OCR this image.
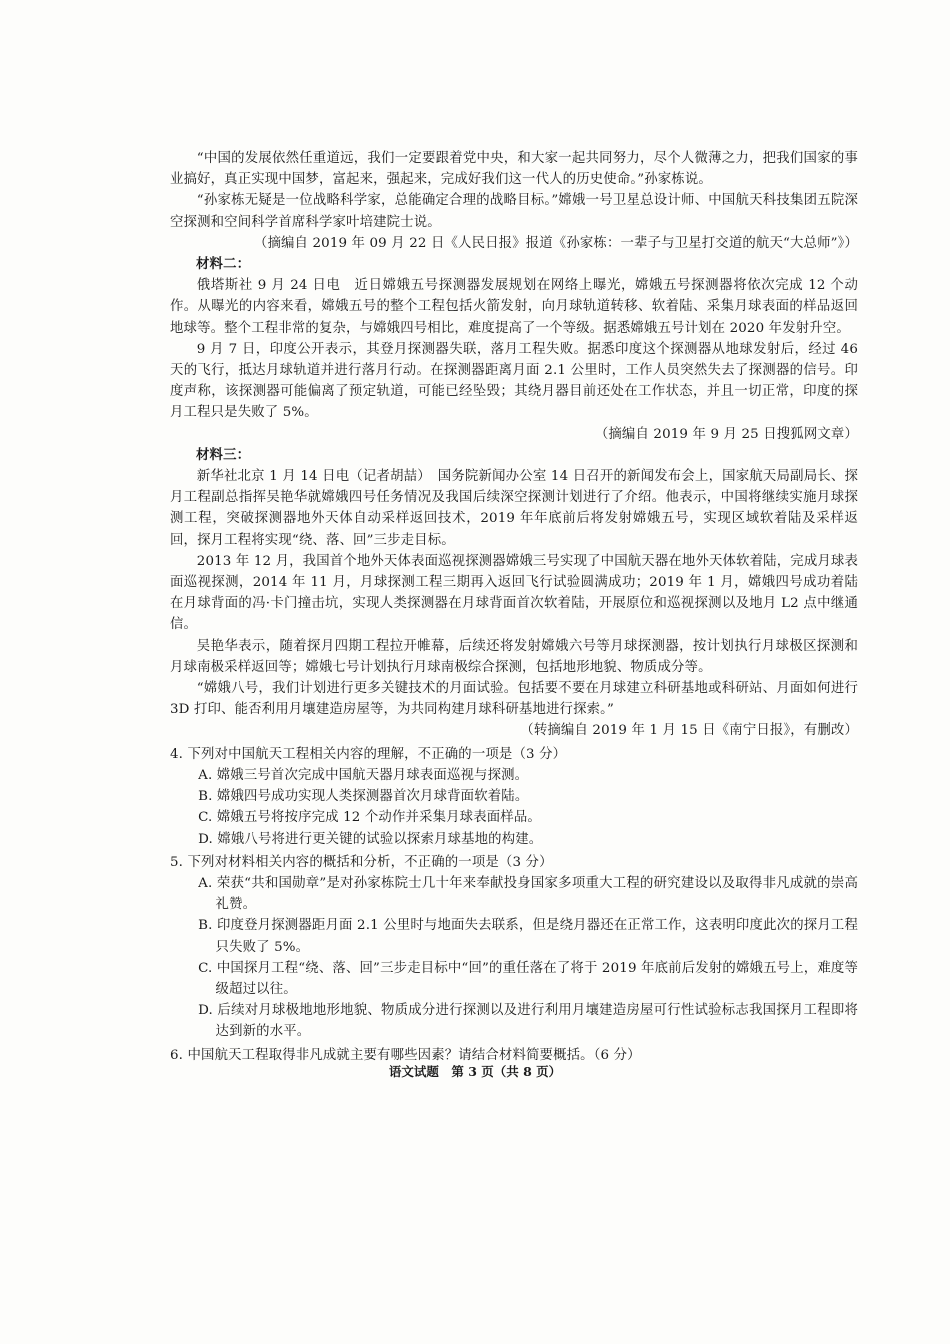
“中国的发展依然任重道远，我们一定要跟着党中央，和大家一起共同努力，尽个人微薄之力，把我们国家的事业搞好，真正实现中国梦，富起来，强起来，完成好我们这一代人的历史使命。”孙家栋说。

“孙家栋无疑是一位战略科学家，总能确定合理的战略目标。”嫦娥一号卫星总设计师、中国航天科技集团五院深空探测和空间科学首席科学家叶培建院士说。

（摘编自 2019 年 09 月 22 日《人民日报》报道《孙家栋：一辈子与卫星打交道的航天“大总师”》）

材料二：

俄塔斯社 9 月 24 日电　近日嫦娥五号探测器发展规划在网络上曝光，嫦娥五号探测器将依次完成 12 个动作。从曝光的内容来看，嫦娥五号的整个工程包括火箭发射，向月球轨道转移、软着陆、采集月球表面的样品返回地球等。整个工程非常的复杂，与嫦娥四号相比，难度提高了一个等级。据悉嫦娥五号计划在 2020 年发射升空。

9 月 7 日，印度公开表示，其登月探测器失联，落月工程失败。据悉印度这个探测器从地球发射后，经过 46 天的飞行，抵达月球轨道并进行落月行动。在探测器距离月面 2.1 公里时，工作人员突然失去了探测器的信号。印度声称，该探测器可能偏离了预定轨道，可能已经坠毁；其绕月器目前还处在工作状态，并且一切正常，印度的探月工程只是失败了 5%。

（摘编自 2019 年 9 月 25 日搜狐网文章）

材料三：

新华社北京 1 月 14 日电（记者胡喆）　国务院新闻办公室 14 日召开的新闻发布会上，国家航天局副局长、探月工程副总指挥吴艳华就嫦娥四号任务情况及我国后续深空探测计划进行了介绍。他表示，中国将继续实施月球探测工程，突破探测器地外天体自动采样返回技术，2019 年年底前后将发射嫦娥五号，实现区域软着陆及采样返回，探月工程将实现“绕、落、回”三步走目标。

2013 年 12 月，我国首个地外天体表面巡视探测器嫦娥三号实现了中国航天器在地外天体软着陆，完成月球表面巡视探测，2014 年 11 月，月球探测工程三期再入返回飞行试验圆满成功；2019 年 1 月，嫦娥四号成功着陆在月球背面的冯·卡门撞击坑，实现人类探测器在月球背面首次软着陆，开展原位和巡视探测以及地月 L2 点中继通信。

吴艳华表示，随着探月四期工程拉开帷幕，后续还将发射嫦娥六号等月球探测器，按计划执行月球极区探测和月球南极采样返回等；嫦娥七号计划执行月球南极综合探测，包括地形地貌、物质成分等。

“嫦娥八号，我们计划进行更多关键技术的月面试验。包括要不要在月球建立科研基地或科研站、月面如何进行 3D 打印、能否利用月壤建造房屋等，为共同构建月球科研基地进行探索。”

（转摘编自 2019 年 1 月 15 日《南宁日报》，有删改）

4. 下列对中国航天工程相关内容的理解，不正确的一项是（3 分）

A. 嫦娥三号首次完成中国航天器月球表面巡视与探测。

B. 嫦娥四号成功实现人类探测器首次月球背面软着陆。

C. 嫦娥五号将按序完成 12 个动作并采集月球表面样品。

D. 嫦娥八号将进行更关键的试验以探索月球基地的构建。

5. 下列对材料相关内容的概括和分析，不正确的一项是（3 分）

A. 荣获“共和国勋章”是对孙家栋院士几十年来奉献投身国家多项重大工程的研究建设以及取得非凡成就的崇高礼赞。

B. 印度登月探测器距月面 2.1 公里时与地面失去联系，但是绕月器还在正常工作，这表明印度此次的探月工程只失败了 5%。

C. 中国探月工程“绕、落、回”三步走目标中“回”的重任落在了将于 2019 年底前后发射的嫦娥五号上，难度等级超过以往。

D. 后续对月球极地地形地貌、物质成分进行探测以及进行利用月壤建造房屋可行性试验标志我国探月工程即将达到新的水平。

6. 中国航天工程取得非凡成就主要有哪些因素？请结合材料简要概括。（6 分）

语文试题　第 3 页（共 8 页）
